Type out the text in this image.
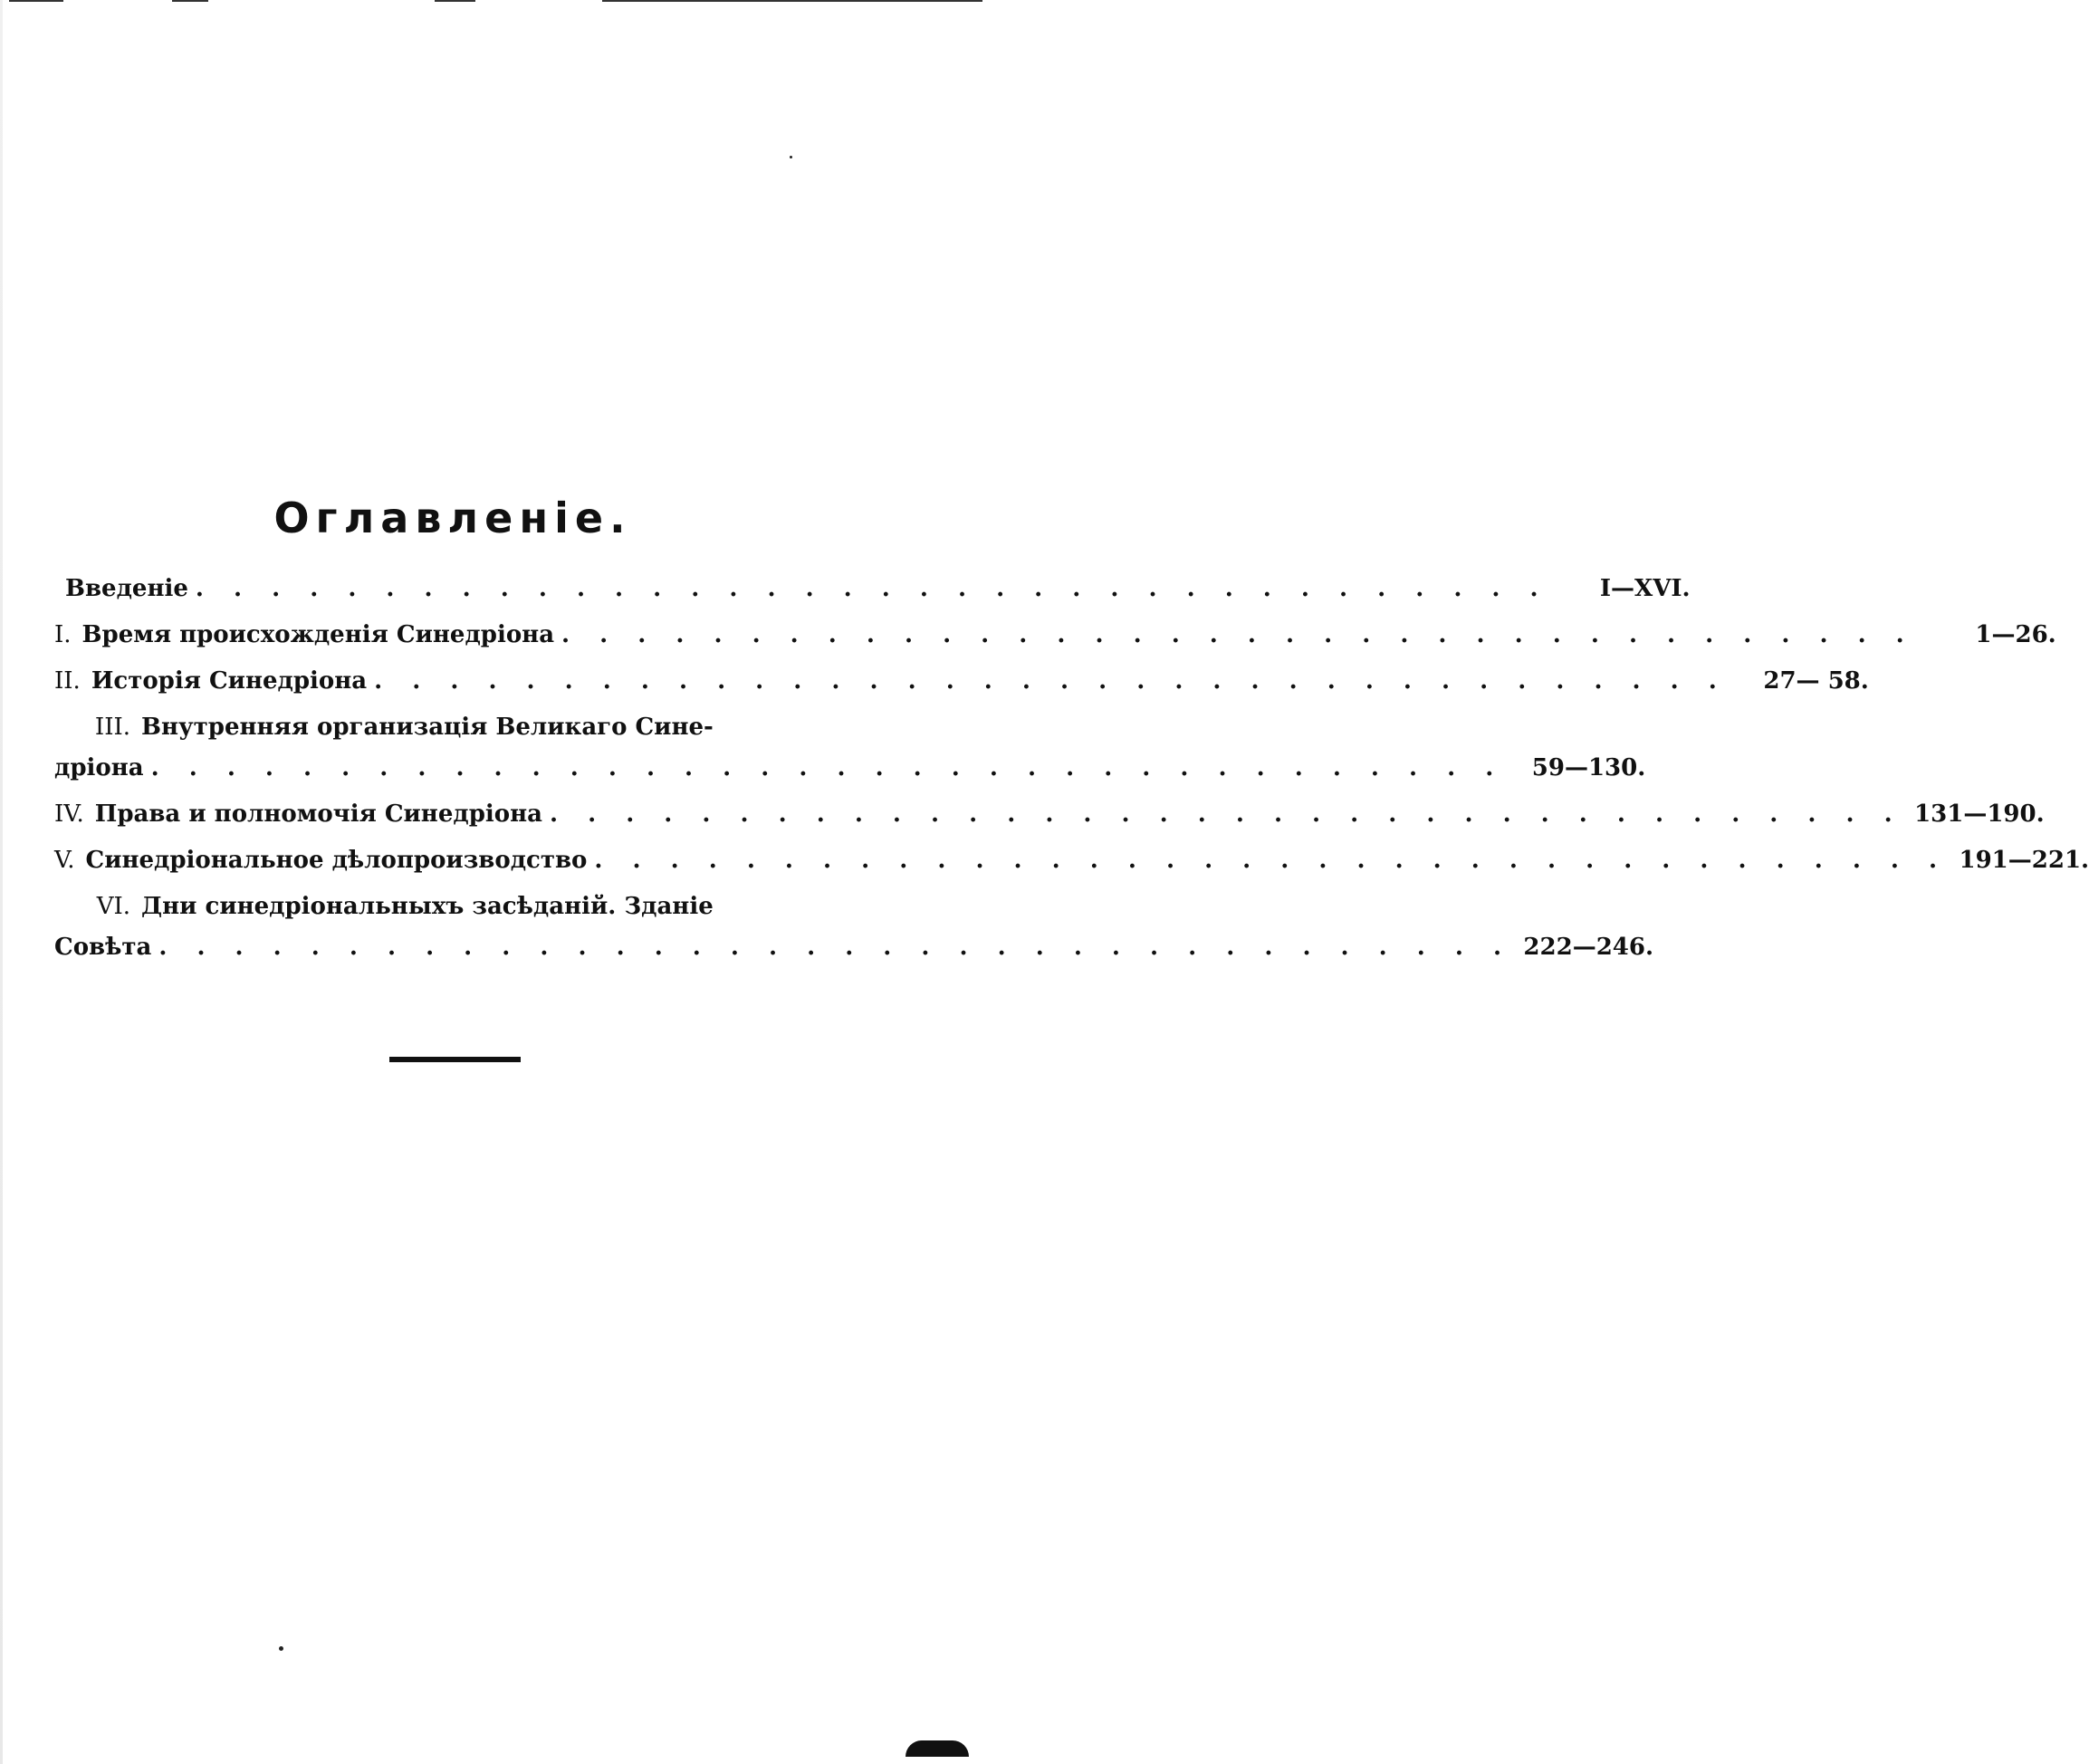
Оглавленіе.
Введеніе . . . . . . . . . . . . . . . . . . . . . . . . . . . . . . . . . . . .	I—XVI.
I. Время происхожденія Синедріона . . . . . . . . . . . . . . . . . . . . . . . . . . . . . . . . . . . .	1—26.
II. Исторія Синедріона . . . . . . . . . . . . . . . . . . . . . . . . . . . . . . . . . . . .	27— 58.
III. Внутренняя организація Великаго Сине-
дріона . . . . . . . . . . . . . . . . . . . . . . . . . . . . . . . . . . . .	59—130.
IV. Права и полномочія Синедріона . . . . . . . . . . . . . . . . . . . . . . . . . . . . . . . . . . . . 131—190.
V. Синедріональное дѣлопроизводство . . . . . . . . . . . . . . . . . . . . . . . . . . . . . . . . . . . . 191—221.
VI. Дни синедріональныхъ засѣданій. Зданіе
Совѣта . . . . . . . . . . . . . . . . . . . . . . . . . . . . . . . . . . . . 222—246.
